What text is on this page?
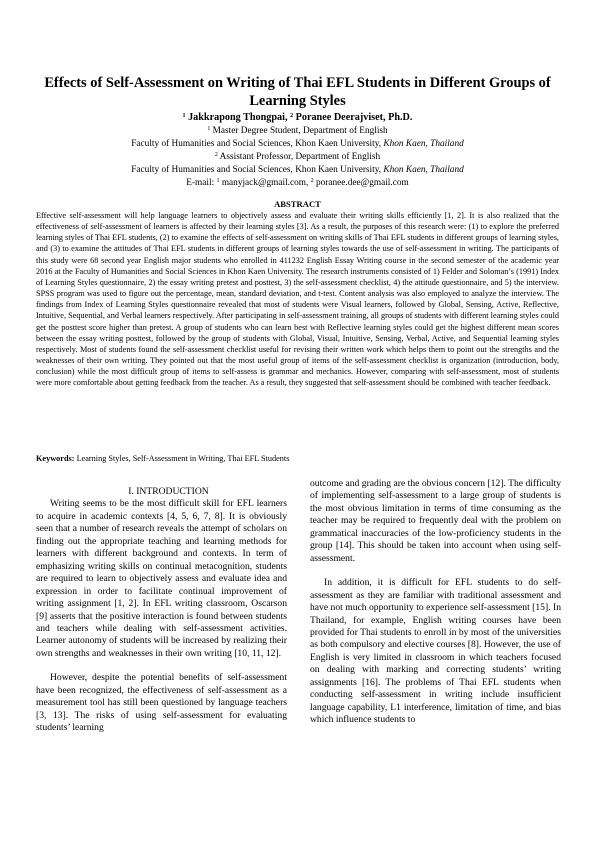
Effects of Self-Assessment on Writing of Thai EFL Students in Different Groups of Learning Styles
$^1$ Jakkrapong Thongpai, $^2$ Poranee Deerajviset, Ph.D.
$^1$ Master Degree Student, Department of English
Faculty of Humanities and Social Sciences, Khon Kaen University, Khon Kaen, Thailand
$^2$ Assistant Professor, Department of English
Faculty of Humanities and Social Sciences, Khon Kaen University, Khon Kaen, Thailand
E-mail: $^1$ manyjack@gmail.com, $^2$ poranee.dee@gmail.com
ABSTRACT
Effective self-assessment will help language learners to objectively assess and evaluate their writing skills efficiently [1, 2]. It is also realized that the effectiveness of self-assessment of learners is affected by their learning styles [3]. As a result, the purposes of this research were: (1) to explore the preferred learning styles of Thai EFL students, (2) to examine the effects of self-assessment on writing skills of Thai EFL students in different groups of learning styles, and (3) to examine the attitudes of Thai EFL students in different groups of learning styles towards the use of self-assessment in writing. The participants of this study were 68 second year English major students who enrolled in 411232 English Essay Writing course in the second semester of the academic year 2016 at the Faculty of Humanities and Social Sciences in Khon Kaen University. The research instruments consisted of 1) Felder and Soloman’s (1991) Index of Learning Styles questionnaire, 2) the essay writing pretest and posttest, 3) the self-assessment checklist, 4) the attitude questionnaire, and 5) the interview. SPSS program was used to figure out the percentage, mean, standard deviation, and t-test. Content analysis was also employed to analyze the interview. The findings from Index of Learning Styles questionnaire revealed that most of students were Visual learners, followed by Global, Sensing, Active, Reflective, Intuitive, Sequential, and Verbal learners respectively. After participating in self-assessment training, all groups of students with different learning styles could get the posttest score higher than pretest. A group of students who can learn best with Reflective learning styles could get the highest different mean scores between the essay writing posttest, followed by the group of students with Global, Visual, Intuitive, Sensing, Verbal, Active, and Sequential learning styles respectively. Most of students found the self-assessment checklist useful for revising their written work which helps them to point out the strengths and the weaknesses of their own writing. They pointed out that the most useful group of items of the self-assessment checklist is organization (introduction, body, conclusion) while the most difficult group of items to self-assess is grammar and mechanics. However, comparing with self-assessment, most of students were more comfortable about getting feedback from the teacher. As a result, they suggested that self-assessment should be combined with teacher feedback.
Keywords: Learning Styles, Self-Assessment in Writing, Thai EFL Students

I. INTRODUCTION

Writing seems to be the most difficult skill for EFL learners to acquire in academic contexts [4, 5, 6, 7, 8]. It is obviously seen that a number of research reveals the attempt of scholars on finding out the appropriate teaching and learning methods for learners with different background and contexts. In term of emphasizing writing skills on continual metacognition, students are required to learn to objectively assess and evaluate idea and expression in order to facilitate continual improvement of writing assignment [1, 2]. In EFL writing classroom, Oscarson [9] asserts that the positive interaction is found between students and teachers while dealing with self-assessment activities. Learner autonomy of students will be increased by realizing their own strengths and weaknesses in their own writing [10, 11, 12].

However, despite the potential benefits of self-assessment have been recognized, the effectiveness of self-assessment as a measurement tool has still been questioned by language teachers [3, 13]. The risks of using self-assessment for evaluating students’ learning

outcome and grading are the obvious concern [12]. The difficulty of implementing self-assessment to a large group of students is the most obvious limitation in terms of time consuming as the teacher may be required to frequently deal with the problem on grammatical inaccuracies of the low-proficiency students in the group [14]. This should be taken into account when using self-assessment.

In addition, it is difficult for EFL students to do self-assessment as they are familiar with traditional assessment and have not much opportunity to experience self-assessment [15]. In Thailand, for example, English writing courses have been provided for Thai students to enroll in by most of the universities as both compulsory and elective courses [8]. However, the use of English is very limited in classroom in which teachers focused on dealing with marking and correcting students’ writing assignments [16]. The problems of Thai EFL students when conducting self-assessment in writing include insufficient language capability, L1 interference, limitation of time, and bias which influence students to
